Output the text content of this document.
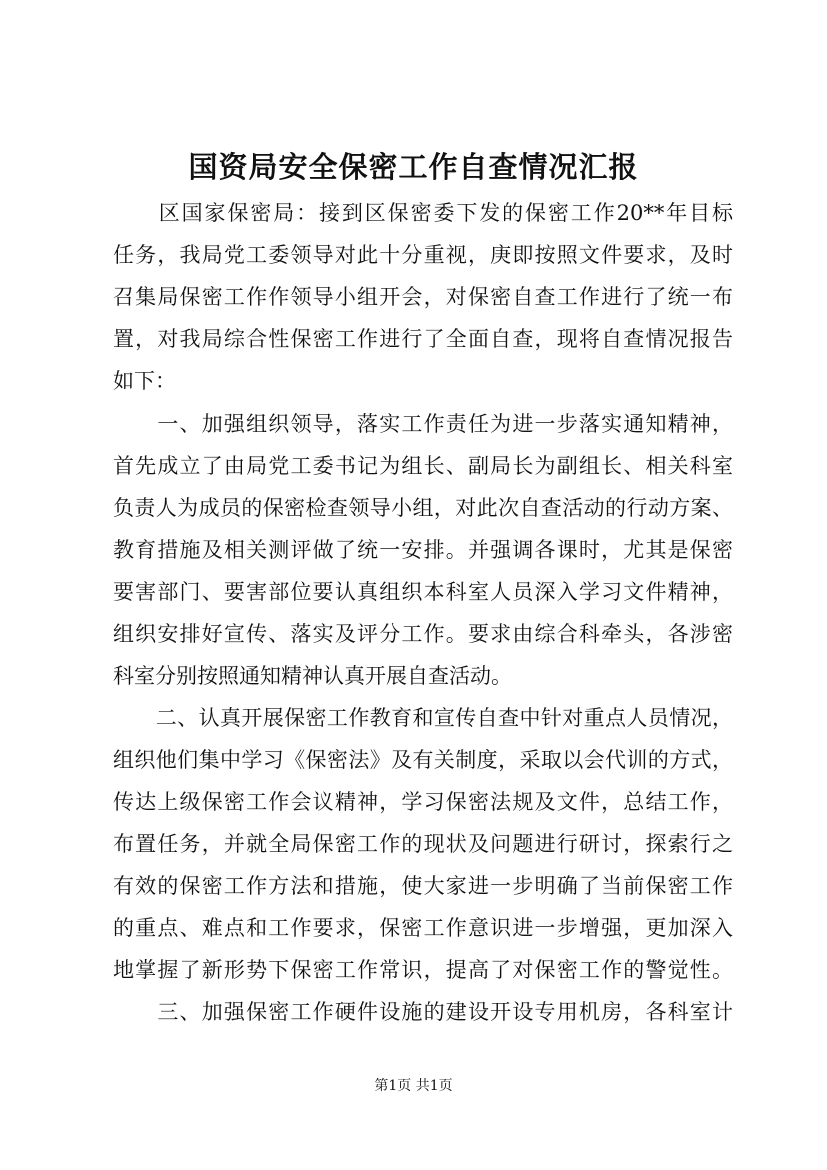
国资局安全保密工作自查情况汇报
　　区国家保密局：接到区保密委下发的保密工作20**年目标
任务，我局党工委领导对此十分重视，庚即按照文件要求，及时
召集局保密工作作领导小组开会，对保密自查工作进行了统一布
置，对我局综合性保密工作进行了全面自查，现将自查情况报告
如下：
　　一、加强组织领导，落实工作责任为进一步落实通知精神，
首先成立了由局党工委书记为组长、副局长为副组长、相关科室
负责人为成员的保密检查领导小组，对此次自查活动的行动方案、
教育措施及相关测评做了统一安排。并强调各课时，尤其是保密
要害部门、要害部位要认真组织本科室人员深入学习文件精神，
组织安排好宣传、落实及评分工作。要求由综合科牵头，各涉密
科室分别按照通知精神认真开展自查活动。
　　二、认真开展保密工作教育和宣传自查中针对重点人员情况，
组织他们集中学习《保密法》及有关制度，采取以会代训的方式，
传达上级保密工作会议精神，学习保密法规及文件，总结工作，
布置任务，并就全局保密工作的现状及问题进行研讨，探索行之
有效的保密工作方法和措施，使大家进一步明确了当前保密工作
的重点、难点和工作要求，保密工作意识进一步增强，更加深入
地掌握了新形势下保密工作常识，提高了对保密工作的警觉性。
　　三、加强保密工作硬件设施的建设开设专用机房，各科室计
第1页 共1页
